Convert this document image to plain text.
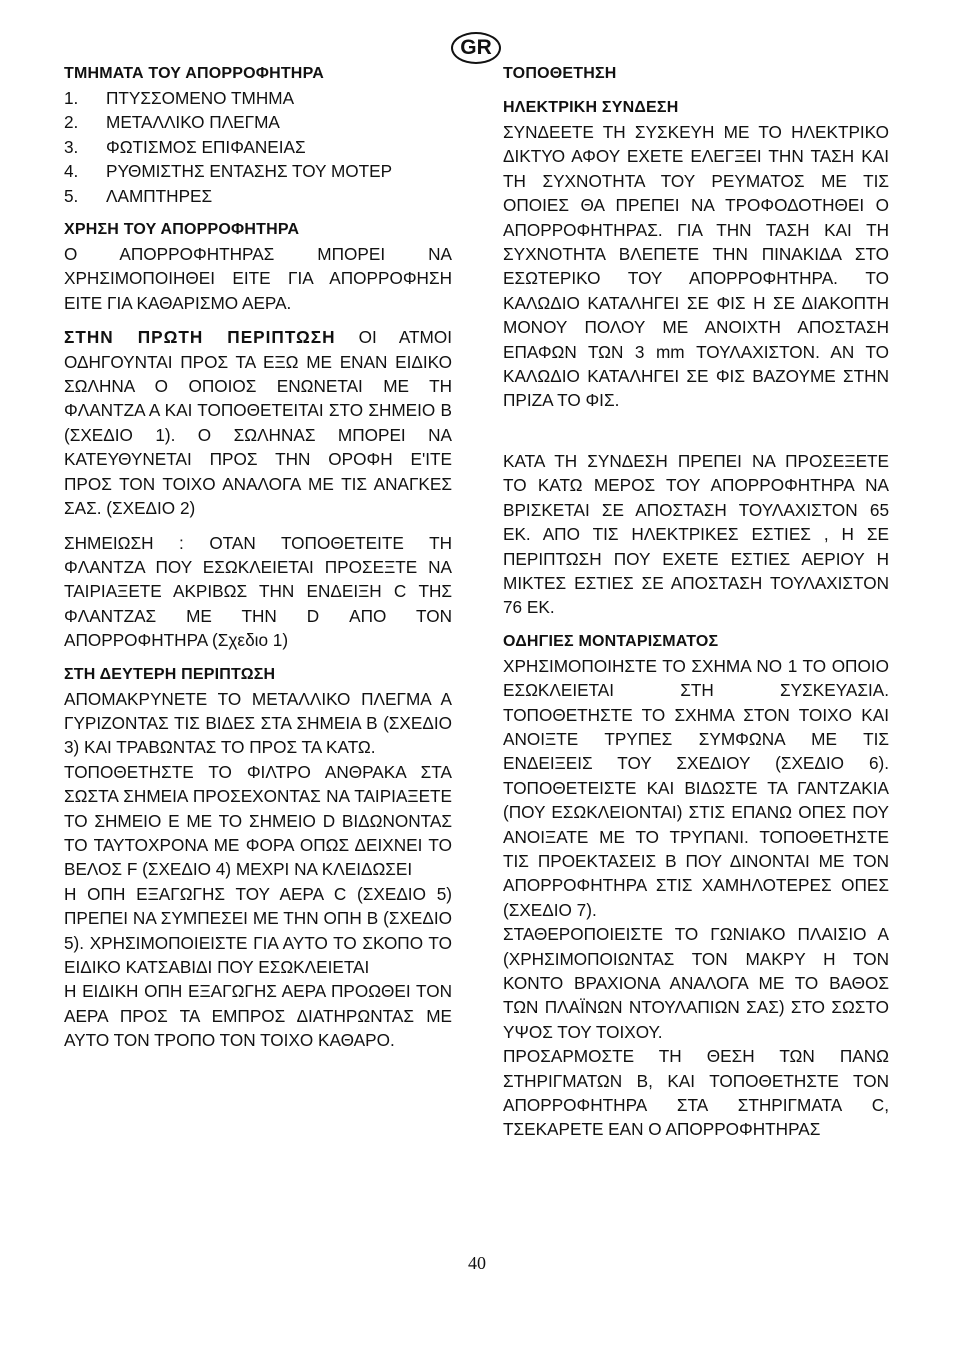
GR
ΤΜΗΜΑΤΑ ΤΟΥ ΑΠΟΡΡΟΦΗΤΗΡΑ
1.	ΠΤΥΣΣΟΜΕΝΟ ΤΜΗΜΑ
2.	ΜΕΤΑΛΛΙΚΟ ΠΛΕΓΜΑ
3.	ΦΩΤΙΣΜΟΣ ΕΠΙΦΑΝΕΙΑΣ
4.	ΡΥΘΜΙΣΤΗΣ ΕΝΤΑΣΗΣ ΤΟΥ ΜΟΤΕΡ
5.	ΛΑΜΠΤΗΡΕΣ
ΧΡΗΣΗ ΤΟΥ ΑΠΟΡΡΟΦΗΤΗΡΑ

Ο ΑΠΟΡΡΟΦΗΤΗΡΑΣ ΜΠΟΡΕΙ ΝΑ ΧΡΗΣΙΜΟΠΟΙΗΘΕΙ ΕΙΤΕ ΓΙΑ ΑΠΟΡΡΟΦΗΣΗ ΕΙΤΕ ΓΙΑ ΚΑΘΑΡΙΣΜΟ ΑΕΡΑ.

ΣΤΗΝ ΠΡΩΤΗ ΠΕΡΙΠΤΩΣΗ ΟΙ ΑΤΜΟΙ ΟΔΗΓΟΥΝΤΑΙ ΠΡΟΣ ΤΑ ΕΞΩ ΜΕ ΕΝΑΝ ΕΙΔΙΚΟ ΣΩΛΗΝΑ Ο ΟΠΟΙΟΣ ΕΝΩΝΕΤΑΙ ΜΕ ΤΗ ΦΛΑΝΤΖΑ Α ΚΑΙ ΤΟΠΟΘΕΤΕΙΤΑΙ ΣΤΟ ΣΗΜΕΙΟ Β (ΣΧΕΔΙΟ 1). Ο ΣΩΛΗΝΑΣ ΜΠΟΡΕΙ ΝΑ ΚΑΤΕΥΘΥΝΕΤΑΙ ΠΡΟΣ ΤΗΝ ΟΡΟΦΗ Ε'ΙΤΕ ΠΡΟΣ ΤΟΝ ΤΟΙΧΟ ΑΝΑΛΟΓΑ ΜΕ ΤΙΣ ΑΝΑΓΚΕΣ ΣΑΣ. (ΣΧΕΔΙΟ 2)

ΣΗΜΕΙΩΣΗ : ΟΤΑΝ ΤΟΠΟΘΕΤΕΙΤΕ ΤΗ ΦΛΑΝΤΖΑ ΠΟΥ ΕΣΩΚΛΕΙΕΤΑΙ ΠΡΟΣΕΞΤΕ ΝΑ ΤΑΙΡΙΑΞΕΤΕ ΑΚΡΙΒΩΣ ΤΗΝ ΕΝΔΕΙΞΗ C ΤΗΣ ΦΛΑΝΤΖΑΣ ΜΕ ΤΗΝ D ΑΠΟ ΤΟΝ ΑΠΟΡΡΟΦΗΤΗΡΑ (Σχεδιο 1)

ΣΤΗ ΔΕΥΤΕΡΗ ΠΕΡΙΠΤΩΣΗ

ΑΠΟΜΑΚΡΥΝΕΤΕ ΤΟ ΜΕΤΑΛΛΙΚΟ ΠΛΕΓΜΑ Α ΓΥΡΙΖΟΝΤΑΣ ΤΙΣ ΒΙΔΕΣ ΣΤΑ ΣΗΜΕΙΑ Β (ΣΧΕΔΙΟ 3) ΚΑΙ ΤΡΑΒΩΝΤΑΣ ΤΟ ΠΡΟΣ ΤΑ ΚΑΤΩ.

ΤΟΠΟΘΕΤΗΣΤΕ ΤΟ ΦΙΛΤΡΟ ΑΝΘΡΑΚΑ ΣΤΑ ΣΩΣΤΑ ΣΗΜΕΙΑ ΠΡΟΣΕΧΟΝΤΑΣ ΝΑ ΤΑΙΡΙΑΞΕΤΕ ΤΟ ΣΗΜΕΙΟ Ε ΜΕ ΤΟ ΣΗΜΕΙΟ D ΒΙΔΩΝΟΝΤΑΣ ΤΟ ΤΑΥΤΟΧΡΟΝΑ ΜΕ ΦΟΡΑ ΟΠΩΣ ΔΕΙΧΝΕΙ ΤΟ ΒΕΛΟΣ F (ΣΧΕΔΙΟ 4) ΜΕΧΡΙ ΝΑ ΚΛΕΙΔΩΣΕΙ

Η ΟΠΗ ΕΞΑΓΩΓΗΣ ΤΟΥ ΑΕΡΑ C (ΣΧΕΔΙΟ 5) ΠΡΕΠΕΙ ΝΑ ΣΥΜΠΕΣΕΙ ΜΕ ΤΗΝ ΟΠΗ Β (ΣΧΕΔΙΟ 5). ΧΡΗΣΙΜΟΠΟΙΕΙΣΤΕ ΓΙΑ ΑΥΤΟ ΤΟ ΣΚΟΠΟ ΤΟ ΕΙΔΙΚΟ ΚΑΤΣΑΒΙΔΙ ΠΟΥ ΕΣΩΚΛΕΙΕΤΑΙ

Η ΕΙΔΙΚΗ ΟΠΗ ΕΞΑΓΩΓΗΣ ΑΕΡΑ ΠΡΟΩΘΕΙ ΤΟΝ ΑΕΡΑ ΠΡΟΣ ΤΑ ΕΜΠΡΟΣ ΔΙΑΤΗΡΩΝΤΑΣ ΜΕ ΑΥΤΟ ΤΟΝ ΤΡΟΠΟ ΤΟΝ ΤΟΙΧΟ ΚΑΘΑΡΟ.

ΤΟΠΟΘΕΤΗΣΗ
ΗΛΕΚΤΡΙΚΗ ΣΥΝΔΕΣΗ

ΣΥΝΔΕΕΤΕ ΤΗ ΣΥΣΚΕΥΗ ΜΕ ΤΟ ΗΛΕΚΤΡΙΚΟ ΔΙΚΤΥΟ ΑΦΟΥ ΕΧΕΤΕ ΕΛΕΓΞΕΙ ΤΗΝ ΤΑΣΗ ΚΑΙ ΤΗ ΣΥΧΝΟΤΗΤΑ ΤΟΥ ΡΕΥΜΑΤΟΣ ΜΕ ΤΙΣ ΟΠΟΙΕΣ ΘΑ ΠΡΕΠΕΙ ΝΑ ΤΡΟΦΟΔΟΤΗΘΕΙ Ο ΑΠΟΡΡΟΦΗΤΗΡΑΣ. ΓΙΑ ΤΗΝ ΤΑΣΗ ΚΑΙ ΤΗ ΣΥΧΝΟΤΗΤΑ ΒΛΕΠΕΤΕ ΤΗΝ ΠΙΝΑΚΙΔΑ ΣΤΟ ΕΣΩΤΕΡΙΚΟ ΤΟΥ ΑΠΟΡΡΟΦΗΤΗΡΑ. ΤΟ ΚΑΛΩΔΙΟ ΚΑΤΑΛΗΓΕΙ ΣΕ ΦΙΣ Η ΣΕ ΔΙΑΚΟΠΤΗ ΜΟΝΟΥ ΠΟΛΟΥ ΜΕ ΑΝΟΙΧΤΗ ΑΠΟΣΤΑΣΗ ΕΠΑΦΩΝ ΤΩΝ 3 mm ΤΟΥΛΑΧΙΣΤΟΝ. ΑΝ ΤΟ ΚΑΛΩΔΙΟ ΚΑΤΑΛΗΓΕΙ ΣΕ ΦΙΣ ΒΑΖΟΥΜΕ ΣΤΗΝ ΠΡΙΖΑ ΤΟ ΦΙΣ.

ΚΑΤΑ ΤΗ ΣΥΝΔΕΣΗ ΠΡΕΠΕΙ ΝΑ ΠΡΟΣΕΞΕΤΕ ΤΟ ΚΑΤΩ ΜΕΡΟΣ ΤΟΥ ΑΠΟΡΡΟΦΗΤΗΡΑ ΝΑ ΒΡΙΣΚΕΤΑΙ ΣΕ ΑΠΟΣΤΑΣΗ ΤΟΥΛΑΧΙΣΤΟΝ 65 ΕΚ. ΑΠΟ ΤΙΣ ΗΛΕΚΤΡΙΚΕΣ ΕΣΤΙΕΣ , Η ΣΕ ΠΕΡΙΠΤΩΣΗ ΠΟΥ ΕΧΕΤΕ ΕΣΤΙΕΣ ΑΕΡΙΟΥ Η ΜΙΚΤΕΣ ΕΣΤΙΕΣ ΣΕ ΑΠΟΣΤΑΣΗ ΤΟΥΛΑΧΙΣΤΟΝ 76 ΕΚ.

ΟΔΗΓΙΕΣ ΜΟΝΤΑΡΙΣΜΑΤΟΣ

ΧΡΗΣΙΜΟΠΟΙΗΣΤΕ ΤΟ ΣΧΗΜΑ ΝΟ 1 ΤΟ ΟΠΟΙΟ ΕΣΩΚΛΕΙΕΤΑΙ ΣΤΗ ΣΥΣΚΕΥΑΣΙΑ. ΤΟΠΟΘΕΤΗΣΤΕ ΤΟ ΣΧΗΜΑ ΣΤΟΝ ΤΟΙΧΟ ΚΑΙ ΑΝΟΙΞΤΕ ΤΡΥΠΕΣ ΣΥΜΦΩΝΑ ΜΕ ΤΙΣ ΕΝΔΕΙΞΕΙΣ ΤΟΥ ΣΧΕΔΙΟΥ (ΣΧΕΔΙΟ 6). ΤΟΠΟΘΕΤΕΙΣΤΕ ΚΑΙ ΒΙΔΩΣΤΕ ΤΑ ΓΑΝΤΖΑΚΙΑ (ΠΟΥ ΕΣΩΚΛΕΙΟΝΤΑΙ) ΣΤΙΣ ΕΠΑΝΩ ΟΠΕΣ ΠΟΥ ΑΝΟΙΞΑΤΕ ΜΕ ΤΟ ΤΡΥΠΑΝΙ. ΤΟΠΟΘΕΤΗΣΤΕ ΤΙΣ ΠΡΟΕΚΤΑΣΕΙΣ Β ΠΟΥ ΔΙΝΟΝΤΑΙ ΜΕ ΤΟΝ ΑΠΟΡΡΟΦΗΤΗΡΑ ΣΤΙΣ ΧΑΜΗΛΟΤΕΡΕΣ ΟΠΕΣ (ΣΧΕΔΙΟ 7).

ΣΤΑΘΕΡΟΠΟΙΕΙΣΤΕ ΤΟ ΓΩΝΙΑΚΟ ΠΛΑΙΣΙΟ Α (ΧΡΗΣΙΜΟΠΟΙΩΝΤΑΣ ΤΟΝ ΜΑΚΡΥ Η ΤΟΝ ΚΟΝΤΟ ΒΡΑΧΙΟΝΑ ΑΝΑΛΟΓΑ ΜΕ ΤΟ ΒΑΘΟΣ ΤΩΝ ΠΛΑΪΝΩΝ ΝΤΟΥΛΑΠΙΩΝ ΣΑΣ) ΣΤΟ ΣΩΣΤΟ ΥΨΟΣ ΤΟΥ ΤΟΙΧΟΥ.

ΠΡΟΣΑΡΜΟΣΤΕ ΤΗ ΘΕΣΗ ΤΩΝ ΠΑΝΩ ΣΤΗΡΙΓΜΑΤΩΝ Β, ΚΑΙ ΤΟΠΟΘΕΤΗΣΤΕ ΤΟΝ ΑΠΟΡΡΟΦΗΤΗΡΑ ΣΤΑ ΣΤΗΡΙΓΜΑΤΑ C, ΤΣΕΚΑΡΕΤΕ ΕΑΝ Ο ΑΠΟΡΡΟΦΗΤΗΡΑΣ

40
